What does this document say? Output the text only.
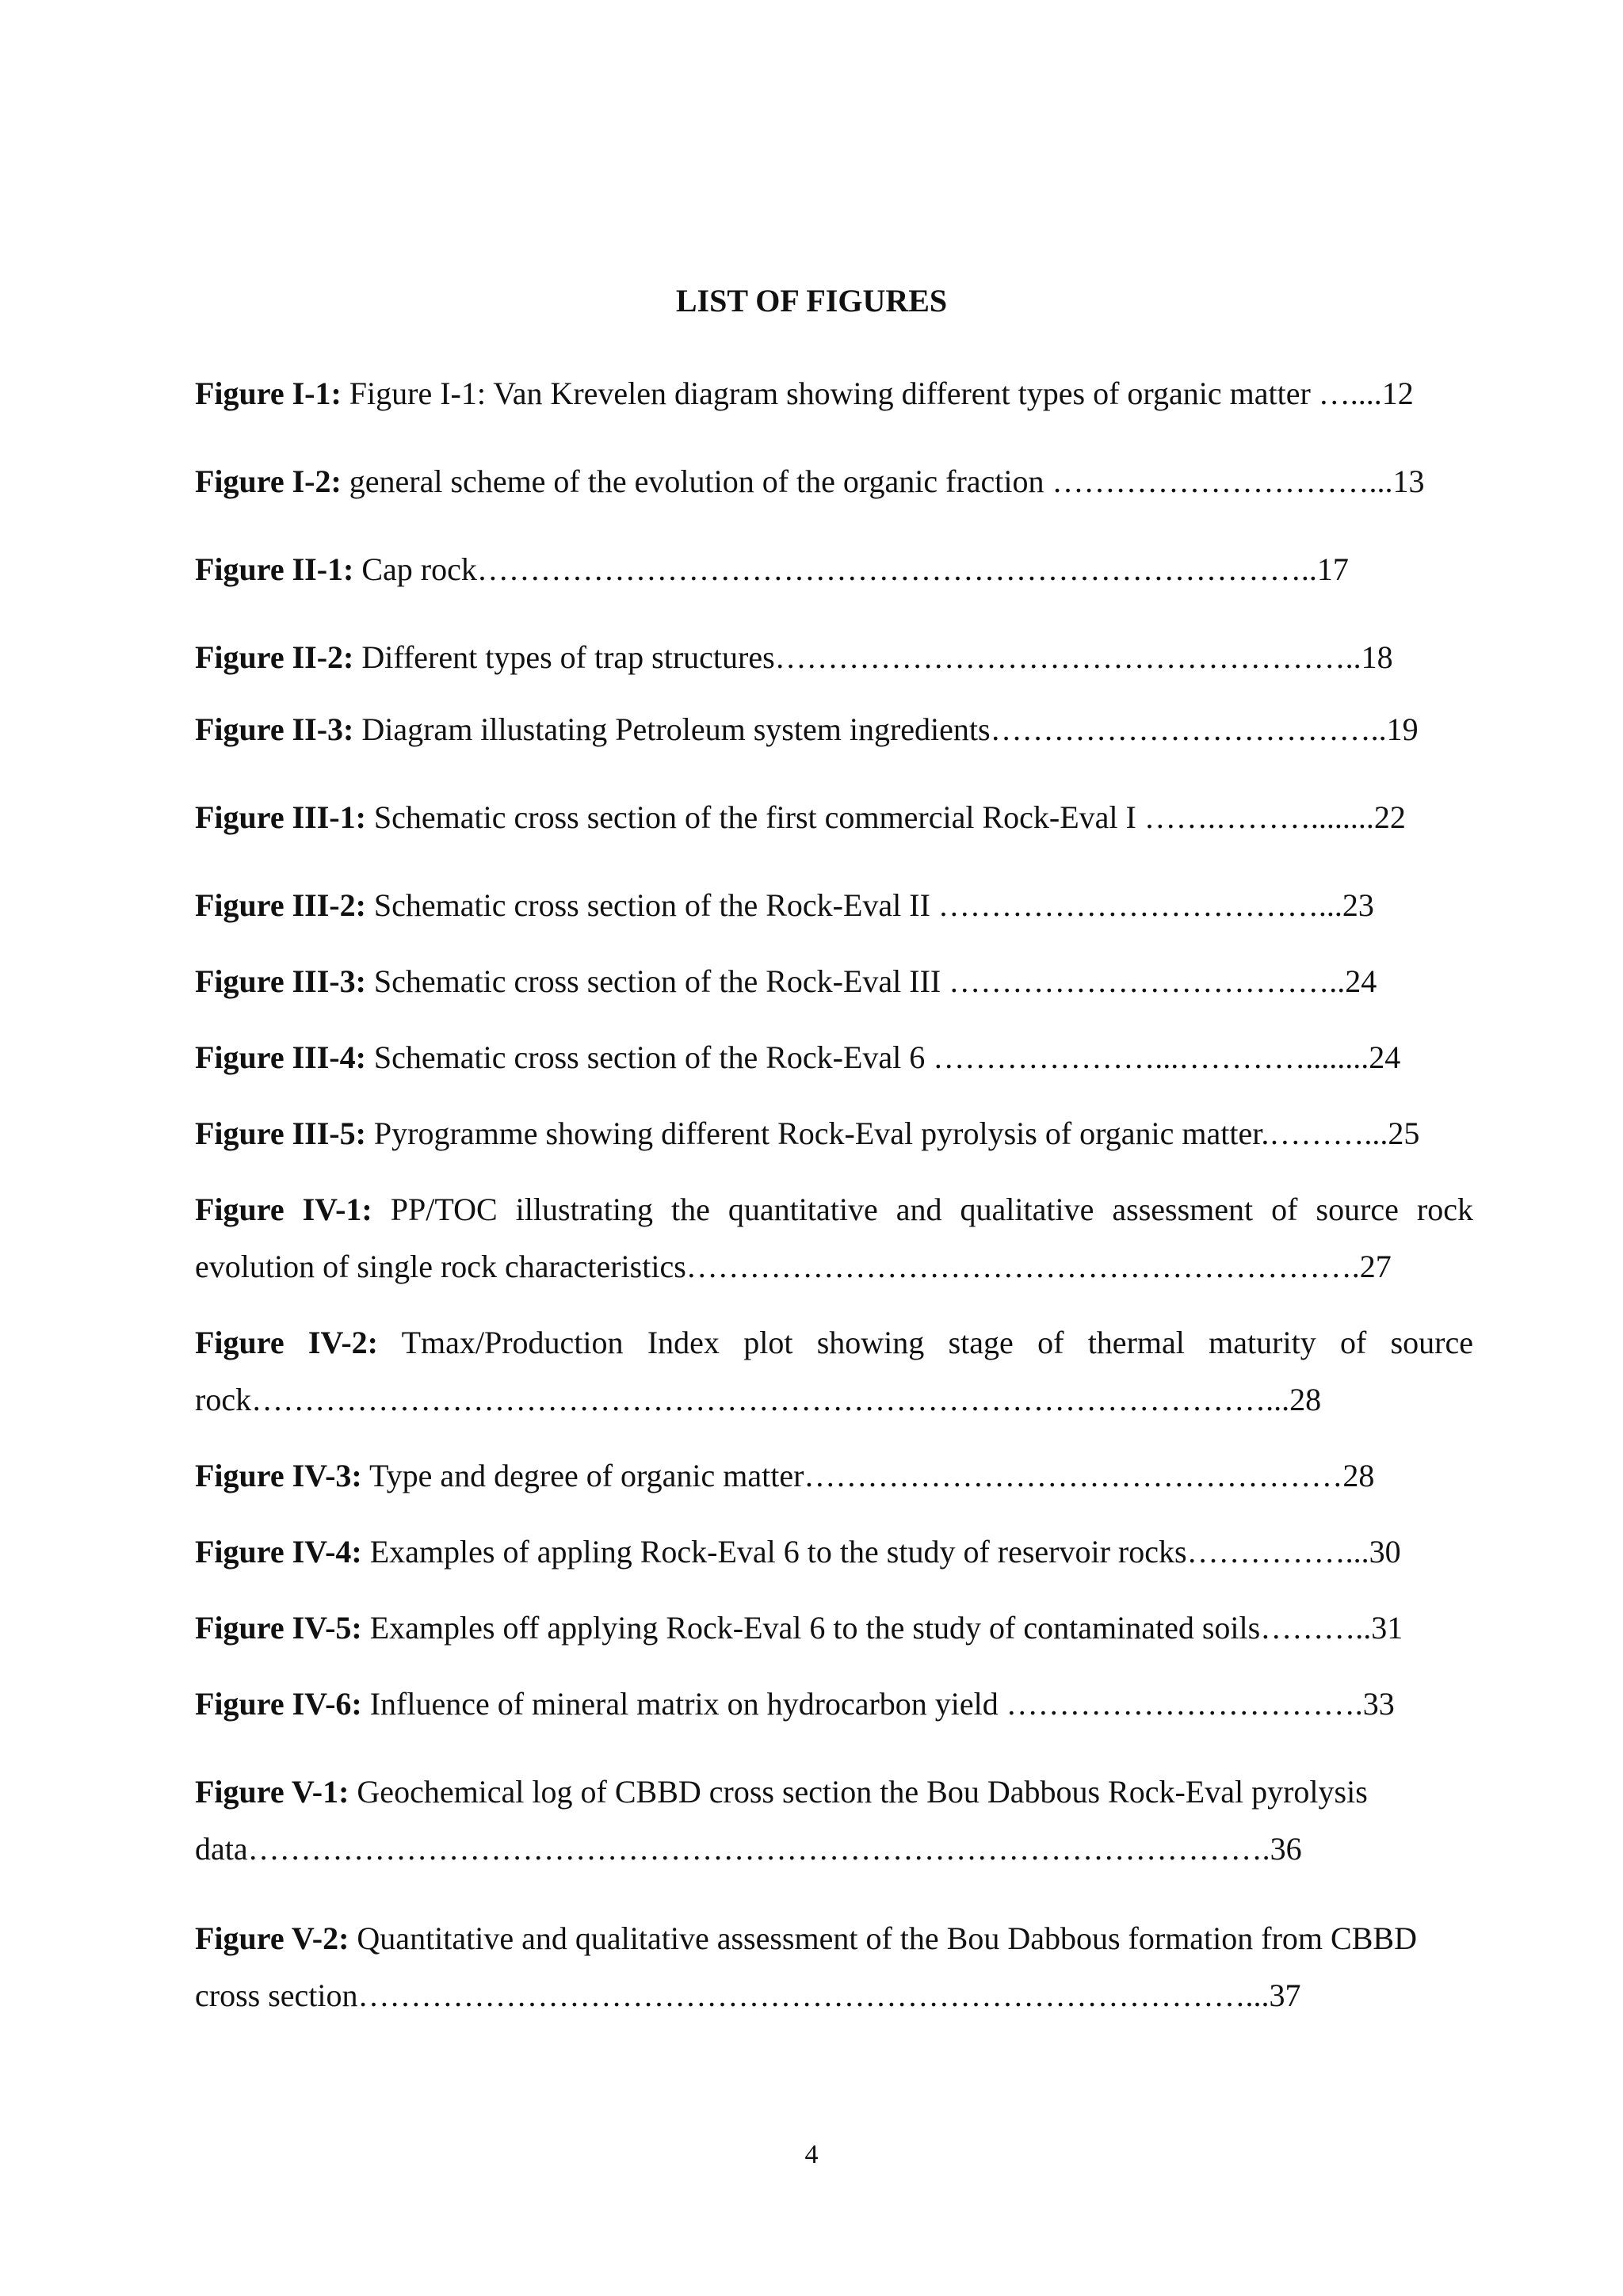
LIST OF FIGURES
Figure I-1: Figure I-1: Van Krevelen diagram showing different types of organic matter …....12
Figure I-2: general scheme of the evolution of the organic fraction …………………………...13
Figure II-1: Cap rock……………………………………………………………………..17
Figure II-2: Different types of trap structures………………………………………………..18
Figure II-3: Diagram illustating Petroleum system ingredients………………………………..19
Figure III-1: Schematic cross section of the first commercial Rock-Eval I …….………........22
Figure III-2: Schematic cross section of the Rock-Eval II ………………………………...23
Figure III-3: Schematic cross section of the Rock-Eval III ………………………………..24
Figure III-4: Schematic cross section of the Rock-Eval 6 …………………...…………........24
Figure III-5: Pyrogramme showing different Rock-Eval pyrolysis of organic matter.………...25
Figure IV-1: PP/TOC illustrating the quantitative and qualitative assessment of source rock
evolution of single rock characteristics……………………………………………………….27
Figure IV-2: Tmax/Production Index plot showing stage of thermal maturity of source
rock……………………………………………………………………………………...28
Figure IV-3: Type and degree of organic matter……………………………………………28
Figure IV-4: Examples of appling Rock-Eval 6 to the study of reservoir rocks……………...30
Figure IV-5: Examples off applying Rock-Eval 6 to the study of contaminated soils………..31
Figure IV-6: Influence of mineral matrix on hydrocarbon yield …………………………….33
Figure V-1: Geochemical log of CBBD cross section the Bou Dabbous Rock-Eval pyrolysis
data…………………………………………………………………………………….36
Figure V-2: Quantitative and qualitative assessment of the Bou Dabbous formation from CBBD
cross section…………………………………………………………………………...37
4
